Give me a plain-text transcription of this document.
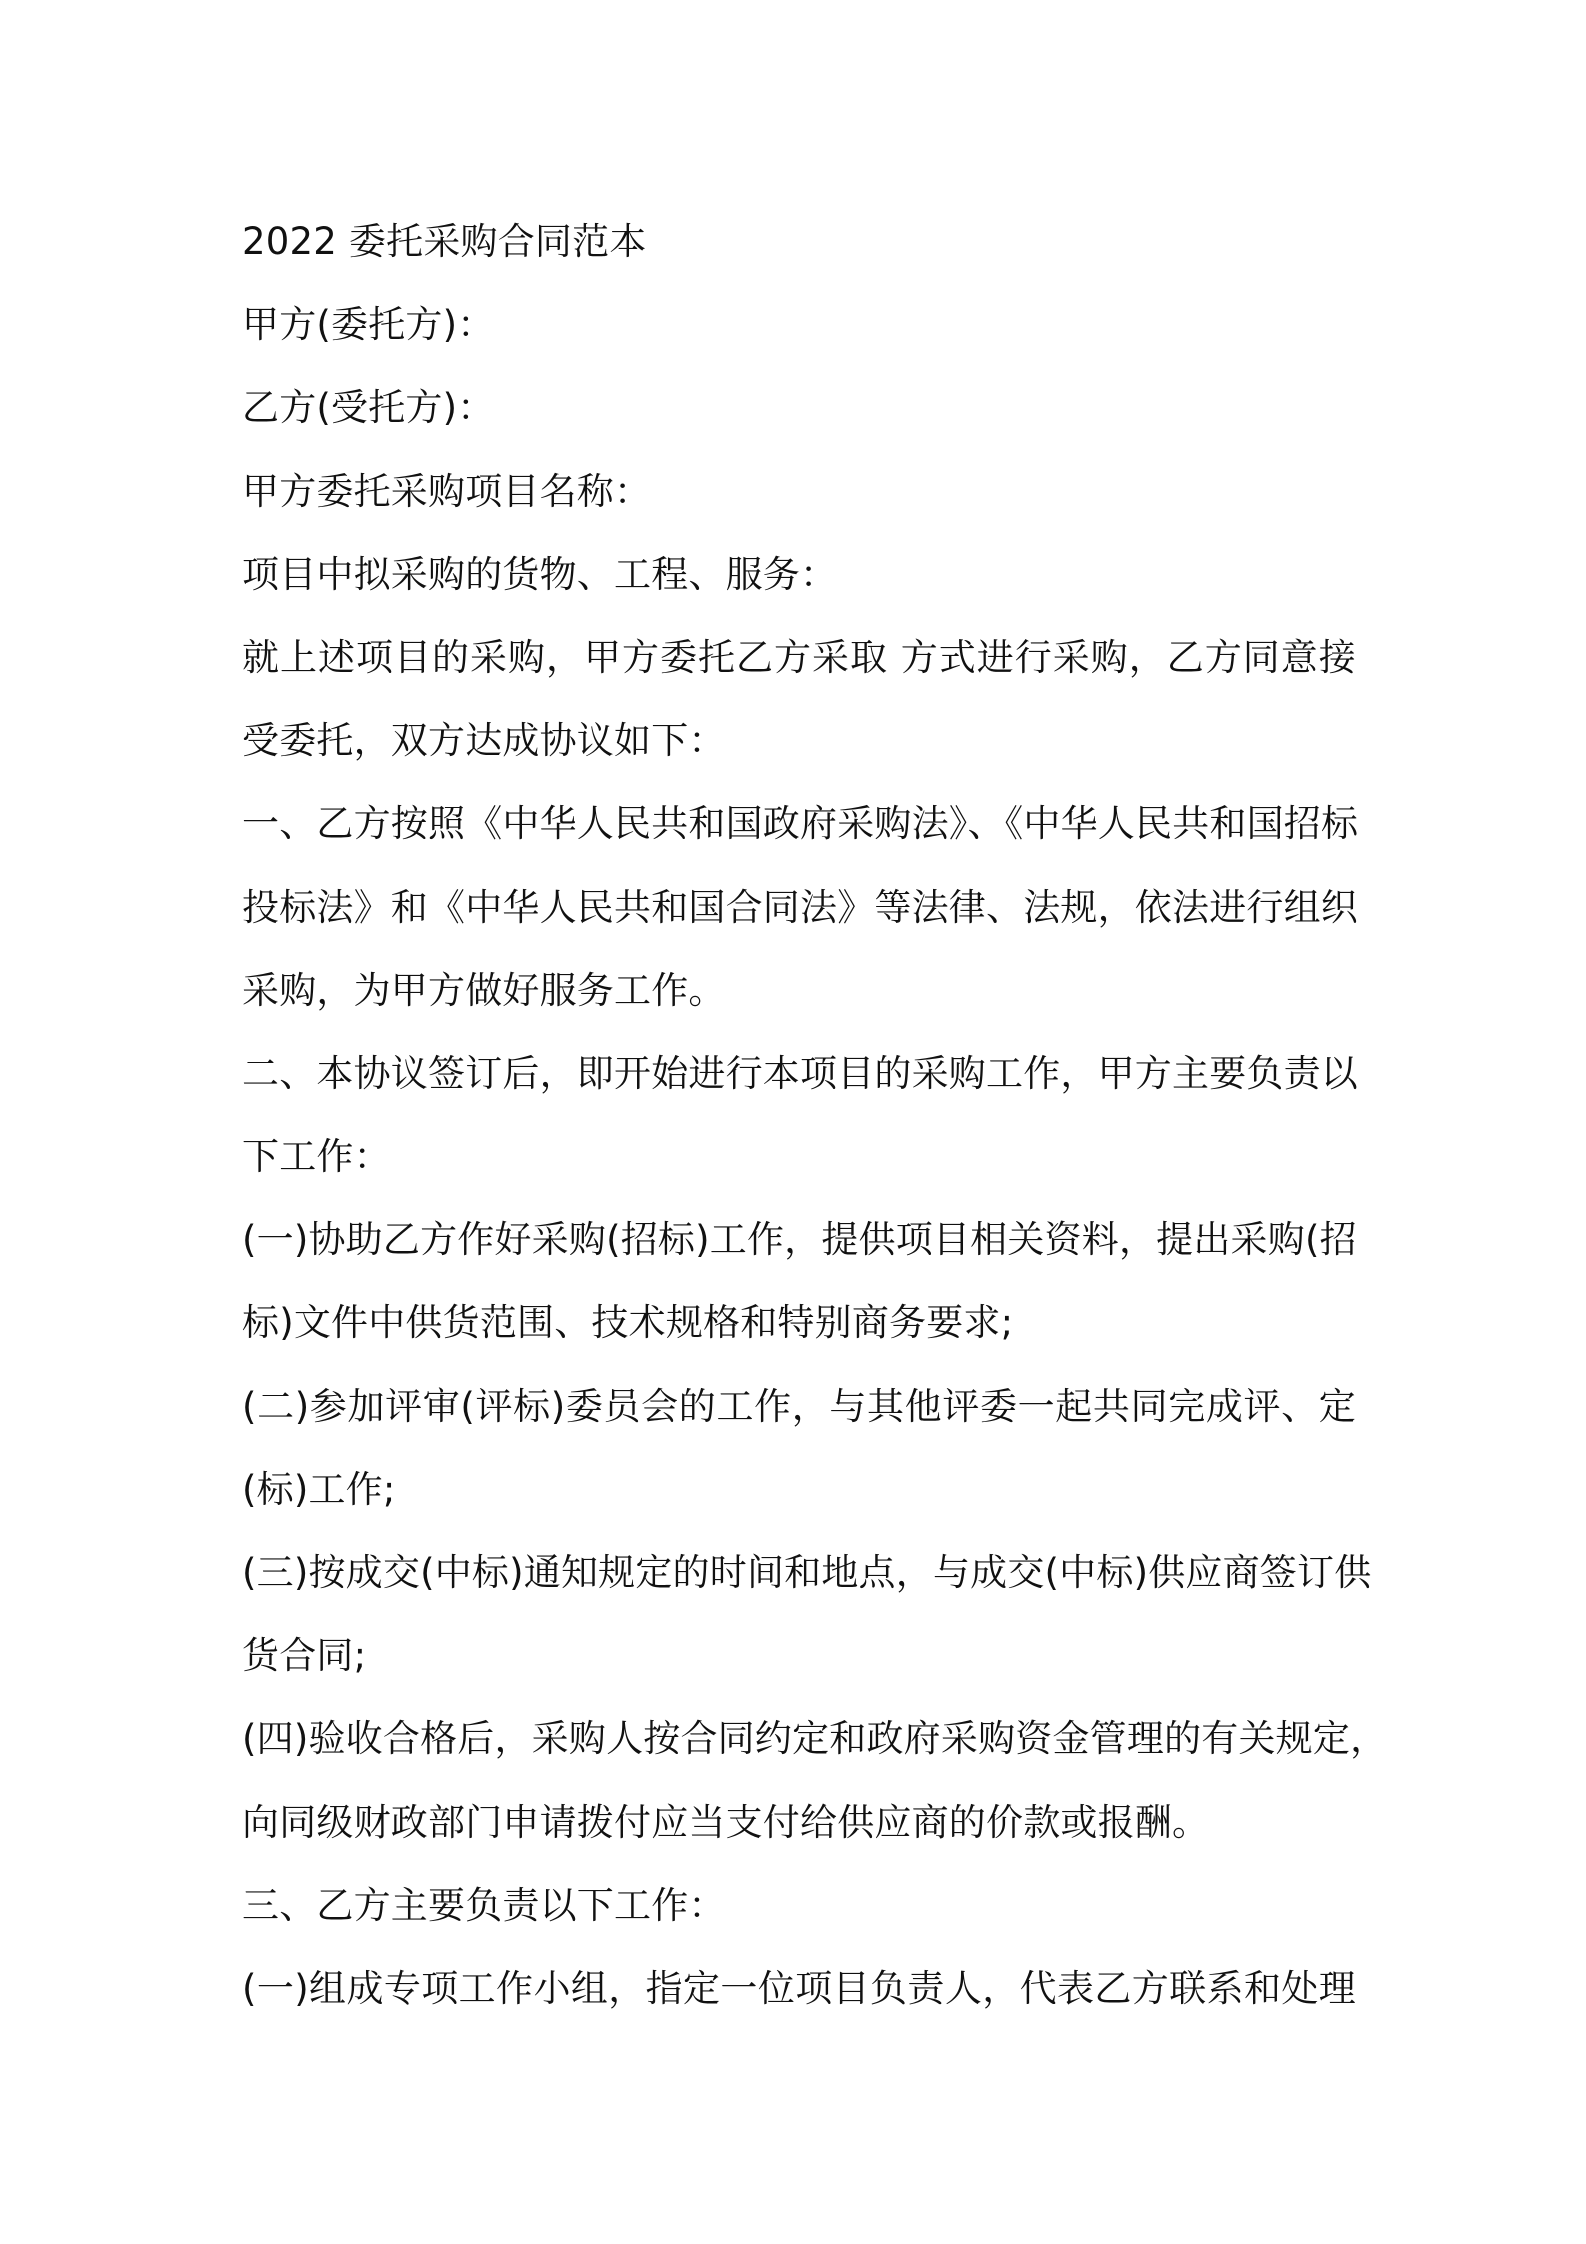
2022 委托采购合同范本
甲方(委托方)：
乙方(受托方)：
甲方委托采购项目名称：
项目中拟采购的货物、工程、服务：
就上述项目的采购，甲方委托乙方采取 方式进行采购，乙方同意接
受委托，双方达成协议如下：
一、乙方按照《中华人民共和国政府采购法》、《中华人民共和国招标
投标法》和《中华人民共和国合同法》等法律、法规，依法进行组织
采购，为甲方做好服务工作。
二、本协议签订后，即开始进行本项目的采购工作，甲方主要负责以
下工作：
(一)协助乙方作好采购(招标)工作，提供项目相关资料，提出采购(招
标)文件中供货范围、技术规格和特别商务要求;
(二)参加评审(评标)委员会的工作，与其他评委一起共同完成评、定
(标)工作;
(三)按成交(中标)通知规定的时间和地点，与成交(中标)供应商签订供
货合同;
(四)验收合格后，采购人按合同约定和政府采购资金管理的有关规定，
向同级财政部门申请拨付应当支付给供应商的价款或报酬。
三、乙方主要负责以下工作：
(一)组成专项工作小组，指定一位项目负责人，代表乙方联系和处理
